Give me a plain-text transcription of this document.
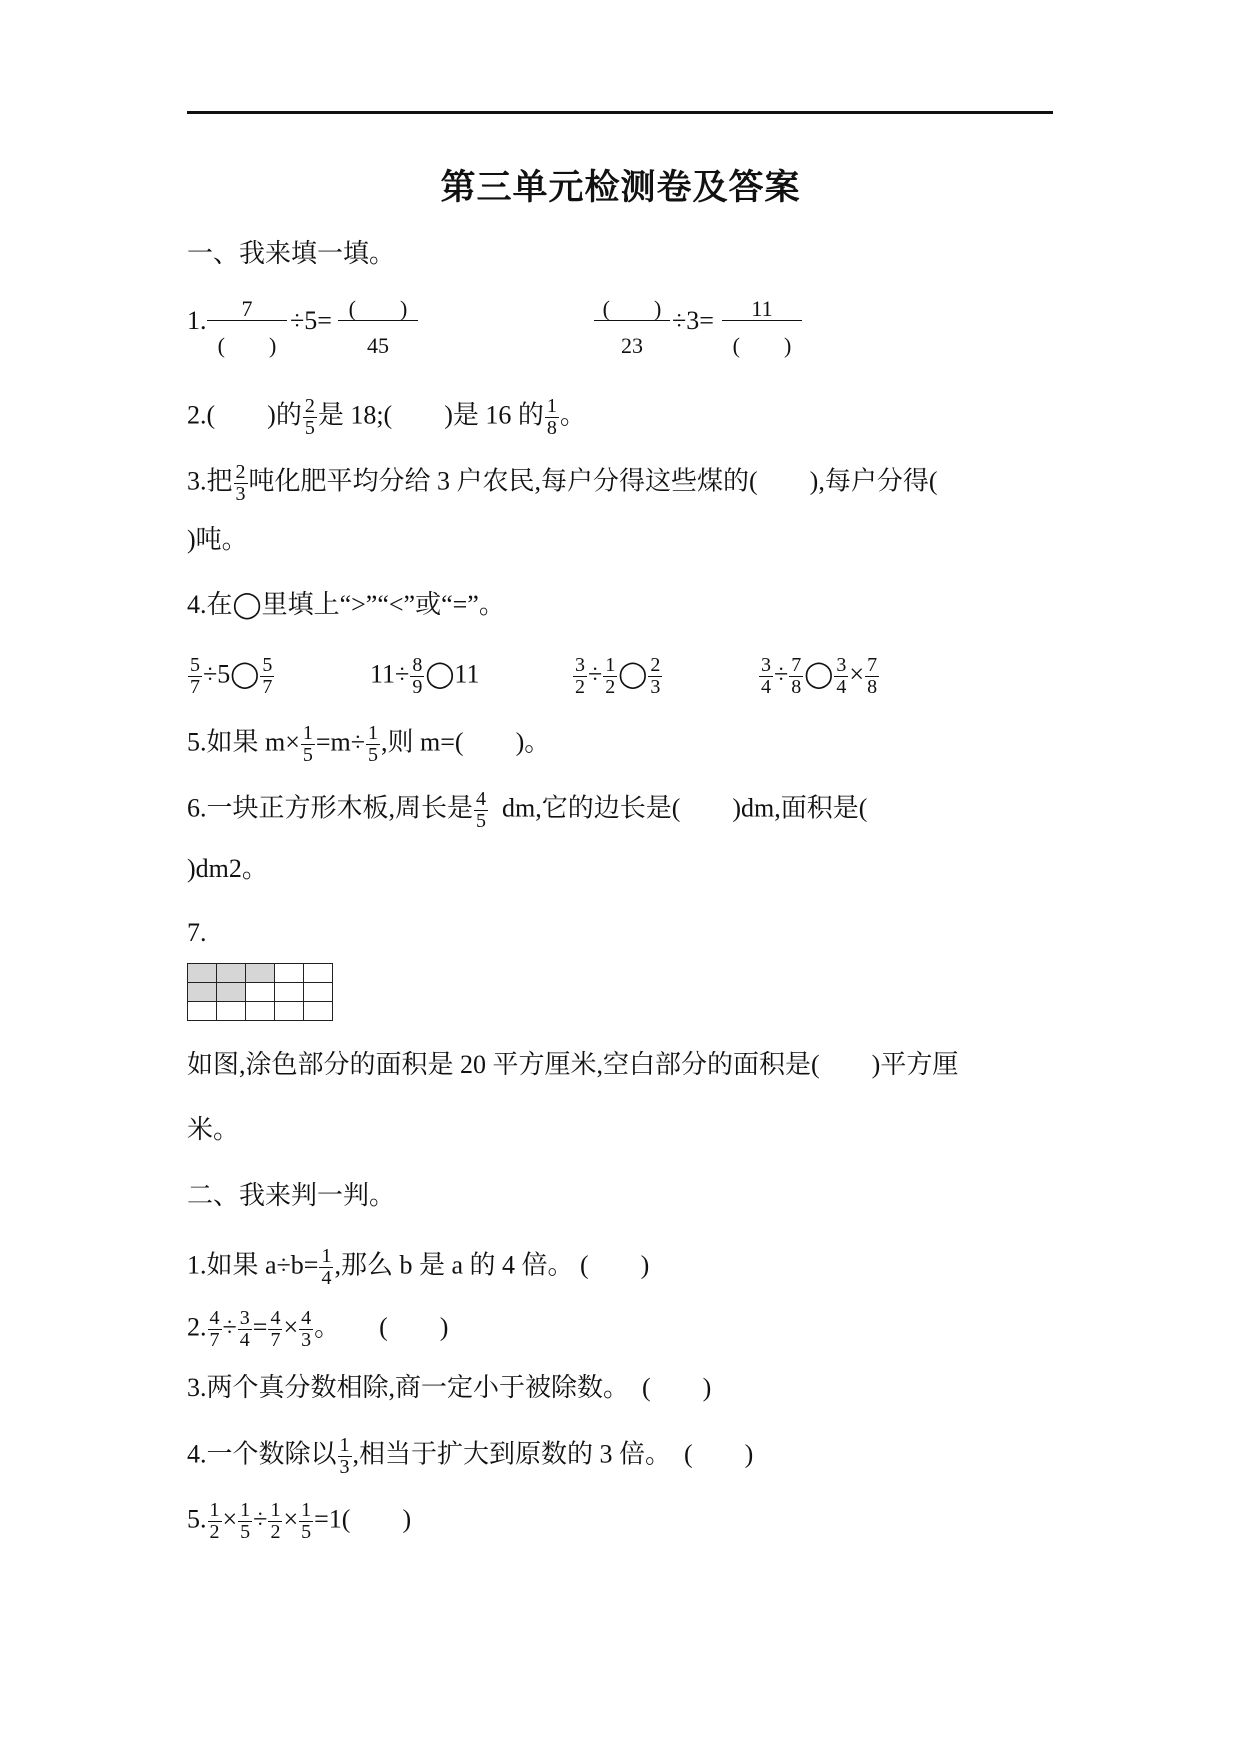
第三单元检测卷及答案
一、我来填一填。
1.	7
(　　)
÷5= (　　)
45
(　　)
23
÷3=	11
(　　)
2.(　　)的 $\frac{2}{5}$ 是 18;(　　)是 16 的 $\frac{1}{8}$ 。
3.把 $\frac{2}{3}$ 吨化肥平均分给 3 户农民,每户分得这些煤的(　　),每户分得(
)吨。
4.在◯里填上“>”“<”或“=”。
$\frac{5}{7}$ ÷5◯ $\frac{5}{7}$	$11\div \frac{8}{9}$ ◯11	$\frac{3}{2} \div \frac{1}{2}$ ◯ $\frac{2}{3}$	$\frac{3}{4} \div \frac{7}{8}$ ◯ $\frac{3}{4} \times \frac{7}{8}$
5.如果 $m\times \frac{1}{5} =m\div \frac{1}{5}$ ,则 m=(　　)。
6.一块正方形木板,周长是 $\frac{4}{5}$ dm,它的边长是(　　)dm,面积是(
)dm2。
7.

如图,涂色部分的面积是 20 平方厘米,空白部分的面积是(　　)平方厘
米。
二、我来判一判。
1.如果 $a\div b= \frac{1}{4}$ ,那么 b 是 a 的 4 倍。 (　　)
2. $\frac{4}{7} \div \frac{3}{4} = \frac{4}{7} \times \frac{4}{3}$ 。　　(　　)
3.两个真分数相除,商一定小于被除数。　(　　)
4.一个数除以 $\frac{1}{3}$ ,相当于扩大到原数的 3 倍。　(　　)
5. $\frac{1}{2} \times \frac{1}{5} \div \frac{1}{2} \times \frac{1}{5} =1$(　　)
